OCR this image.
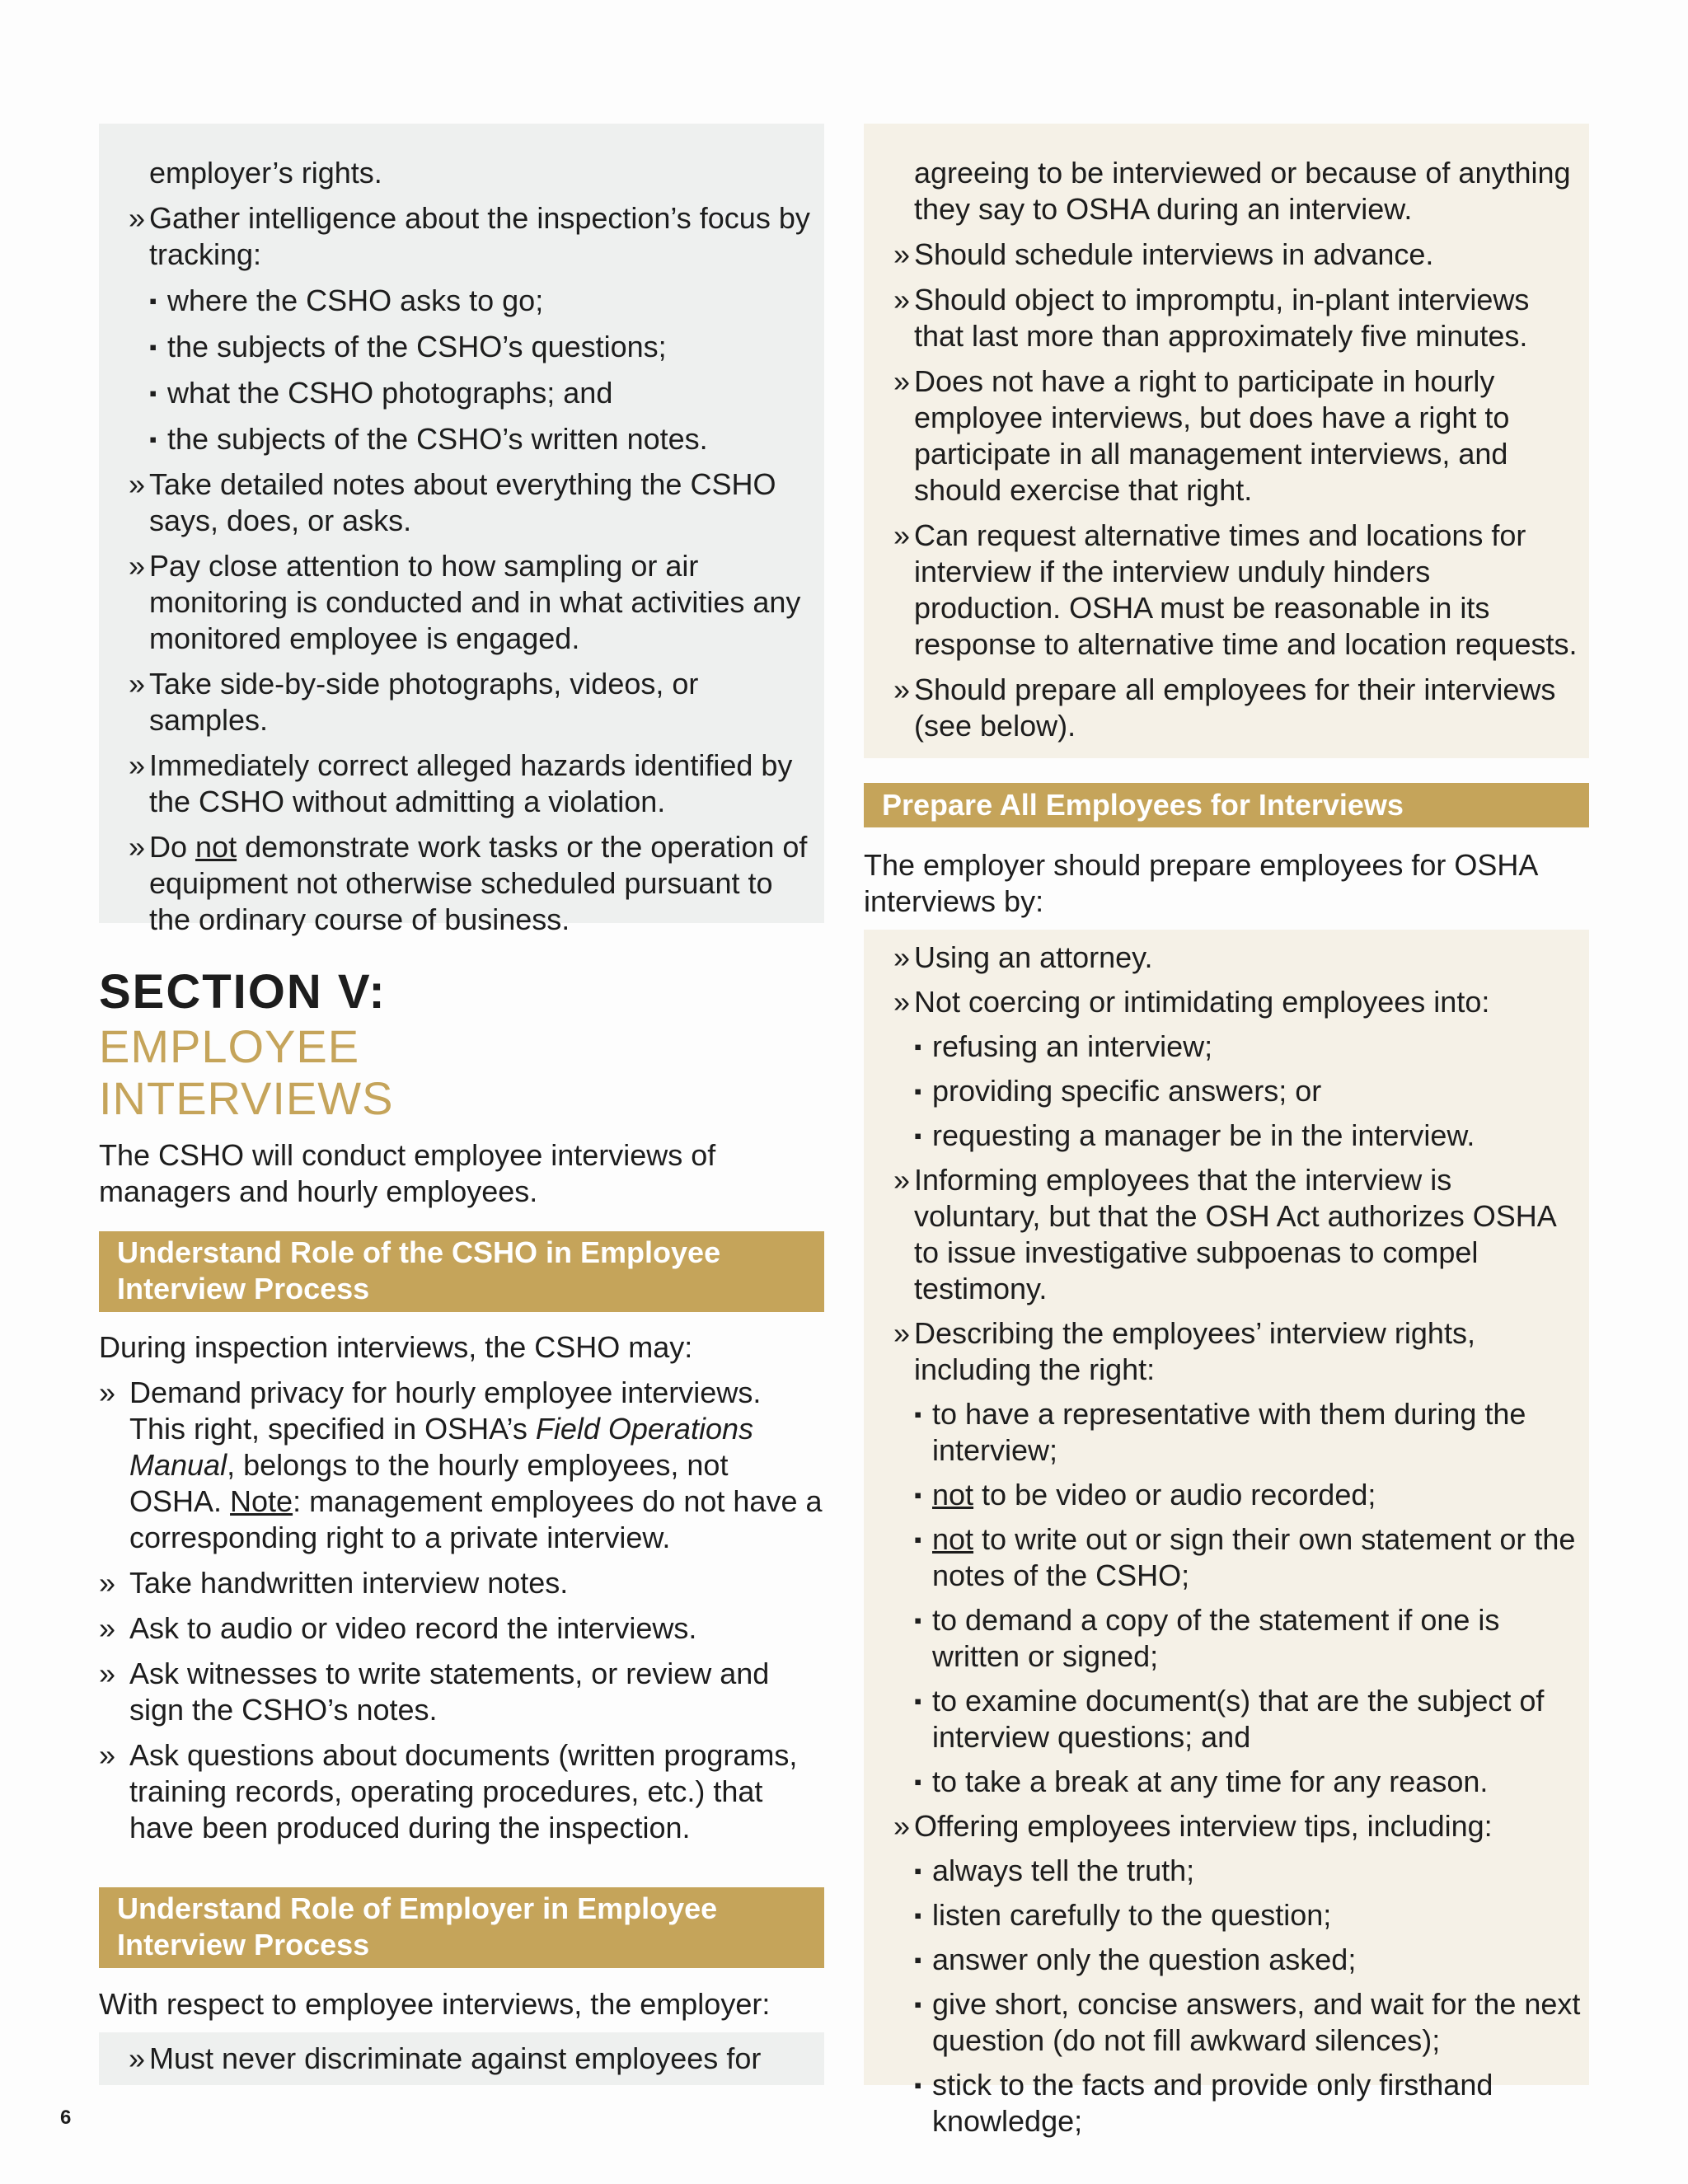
employer’s rights.
» Gather intelligence about the inspection’s focus by tracking:
▪ where the CSHO asks to go;
▪ the subjects of the CSHO’s questions;
▪ what the CSHO photographs; and
▪ the subjects of the CSHO’s written notes.
» Take detailed notes about everything the CSHO says, does, or asks.
» Pay close attention to how sampling or air monitoring is conducted and in what activities any monitored employee is engaged.
» Take side-by-side photographs, videos, or samples.
» Immediately correct alleged hazards identified by the CSHO without admitting a violation.
» Do not demonstrate work tasks or the operation of equipment not otherwise scheduled pursuant to the ordinary course of business.
SECTION V:
EMPLOYEE
INTERVIEWS

The CSHO will conduct employee interviews of managers and hourly employees.

Understand Role of the CSHO in Employee Interview Process

During inspection interviews, the CSHO may:

» Demand privacy for hourly employee interviews. This right, specified in OSHA’s Field Operations Manual, belongs to the hourly employees, not OSHA. Note: management employees do not have a corresponding right to a private interview.
» Take handwritten interview notes.
» Ask to audio or video record the interviews.
» Ask witnesses to write statements, or review and sign the CSHO’s notes.
» Ask questions about documents (written programs, training records, operating procedures, etc.) that have been produced during the inspection.
Understand Role of Employer in Employee Interview Process

With respect to employee interviews, the employer:

» Must never discriminate against employees for
agreeing to be interviewed or because of anything they say to OSHA during an interview.
» Should schedule interviews in advance.
» Should object to impromptu, in-plant interviews that last more than approximately five minutes.
» Does not have a right to participate in hourly employee interviews, but does have a right to participate in all management interviews, and should exercise that right.
» Can request alternative times and locations for interview if the interview unduly hinders production. OSHA must be reasonable in its response to alternative time and location requests.
» Should prepare all employees for their interviews (see below).
Prepare All Employees for Interviews

The employer should prepare employees for OSHA interviews by:

» Using an attorney.
» Not coercing or intimidating employees into:
▪ refusing an interview;
▪ providing specific answers; or
▪ requesting a manager be in the interview.
» Informing employees that the interview is voluntary, but that the OSH Act authorizes OSHA to issue investigative subpoenas to compel testimony.
» Describing the employees’ interview rights, including the right:
▪ to have a representative with them during the interview;
▪ not to be video or audio recorded;
▪ not to write out or sign their own statement or the notes of the CSHO;
▪ to demand a copy of the statement if one is written or signed;
▪ to examine document(s) that are the subject of interview questions; and
▪ to take a break at any time for any reason.
» Offering employees interview tips, including:
▪ always tell the truth;
▪ listen carefully to the question;
▪ answer only the question asked;
▪ give short, concise answers, and wait for the next question (do not fill awkward silences);
▪ stick to the facts and provide only firsthand knowledge;
6
